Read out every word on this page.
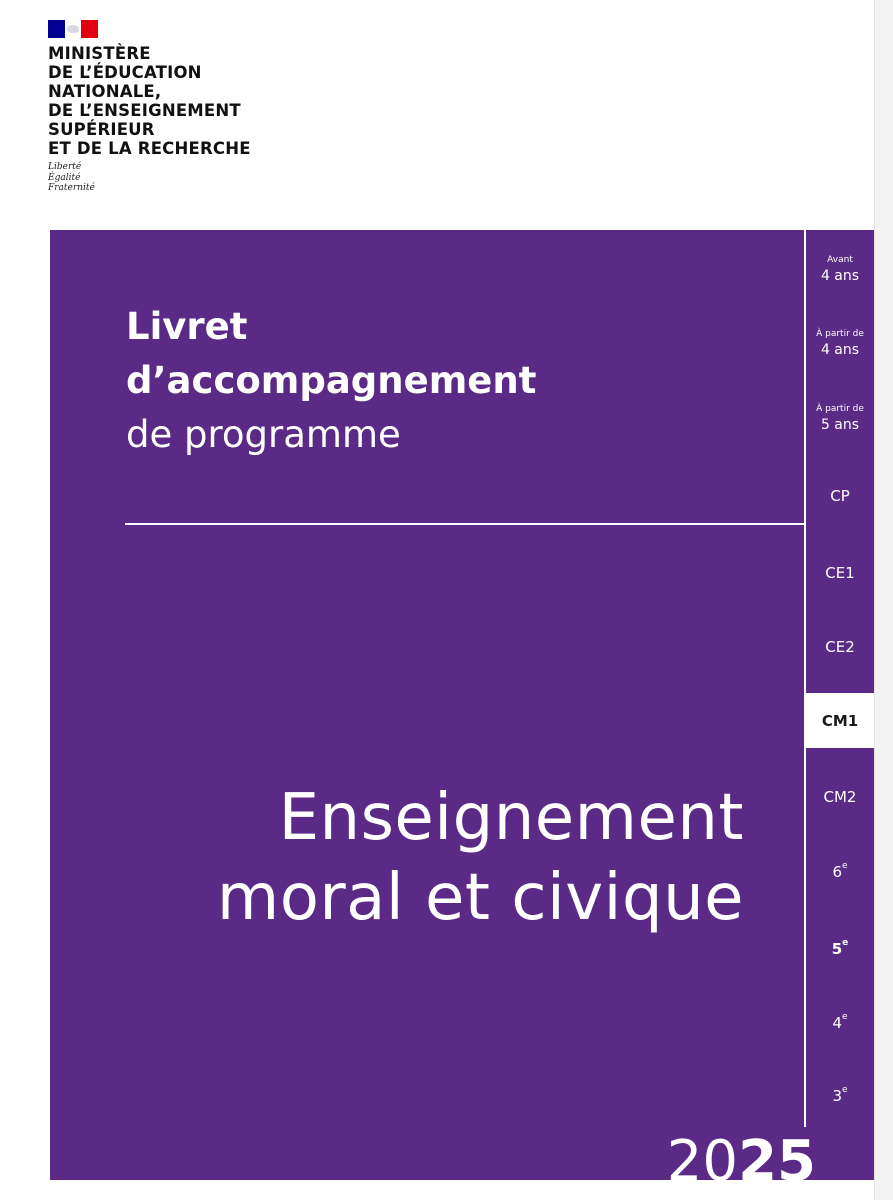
MINISTÈRE
DE L’ÉDUCATION
NATIONALE,
DE L’ENSEIGNEMENT
SUPÉRIEUR
ET DE LA RECHERCHE
Liberté
Égalité
Fraternité
Livret
d’accompagnement
de programme
Enseignement
moral et civique
Avant
4 ans
À partir de
4 ans
À partir de
5 ans
CP
CE1
CE2
CM1
CM2
6e
5e
4e
3e
2025
